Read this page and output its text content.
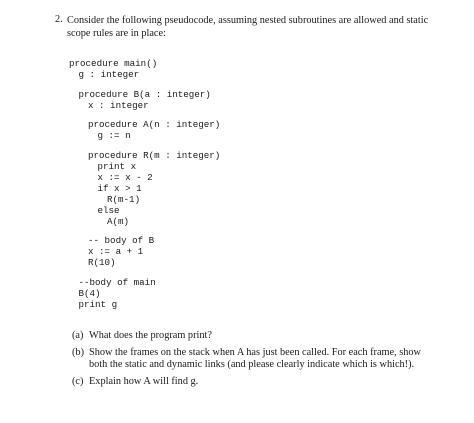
2. Consider the following pseudocode, assuming nested subroutines are allowed and static scope rules are in place:
procedure main()
g : integer
procedure B(a : integer)
x : integer
procedure A(n : integer)
g := n
procedure R(m : integer)
print x
x := x - 2
if x > 1
R(m-1)
else
A(m)
-- body of B
x := a + 1
R(10)
--body of main
B(4)
print g
(a) What does the program print?
(b) Show the frames on the stack when A has just been called. For each frame, show both the static and dynamic links (and please clearly indicate which is which!).
(c) Explain how A will find g.
